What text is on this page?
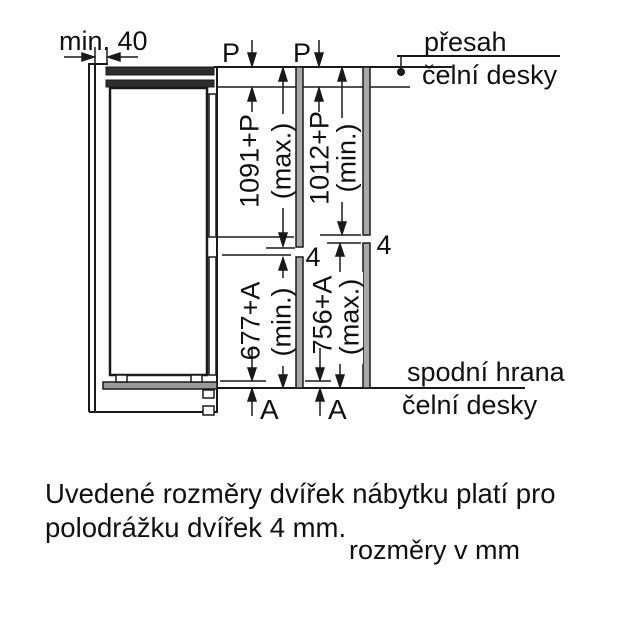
min. 40	P P	přesah
čelní desky
1091+P (max.) 1012+P
(min.)
4 4
677+A (min.) 756+A
(max.)
spodní hrana
čelní desky
A A
Uvedené rozměry dvířek nábytku platí pro
polodrážku dvířek 4 mm.
rozměry v mm
